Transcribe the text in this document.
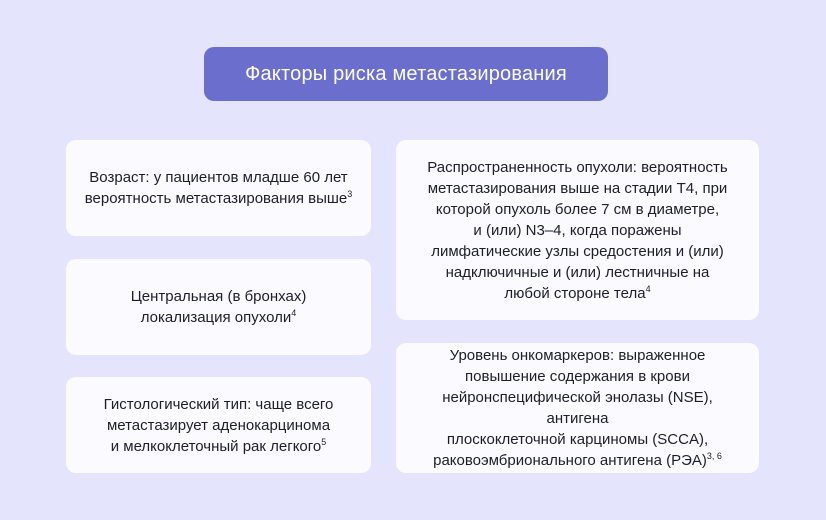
Факторы риска метастазирования
Возраст: у пациентов младше 60 лет
вероятность метастазирования выше$^3$
Центральная (в бронхах)
локализация опухоли$^4$
Гистологический тип: чаще всего
метастазирует аденокарцинома
и мелкоклеточный рак легкого$^5$
Распространенность опухоли: вероятность
метастазирования выше на стадии Т4, при
которой опухоль более 7 см в диаметре,
и (или) N3–4, когда поражены
лимфатические узлы средостения и (или)
надключичные и (или) лестничные на
любой стороне тела$^4$
Уровень онкомаркеров: выраженное
повышение содержания в крови
нейронспецифической энолазы (NSE), антигена
плоскоклеточной карциномы (SCCA),
раковоэмбрионального антигена (РЭА)$^{3, 6}$
